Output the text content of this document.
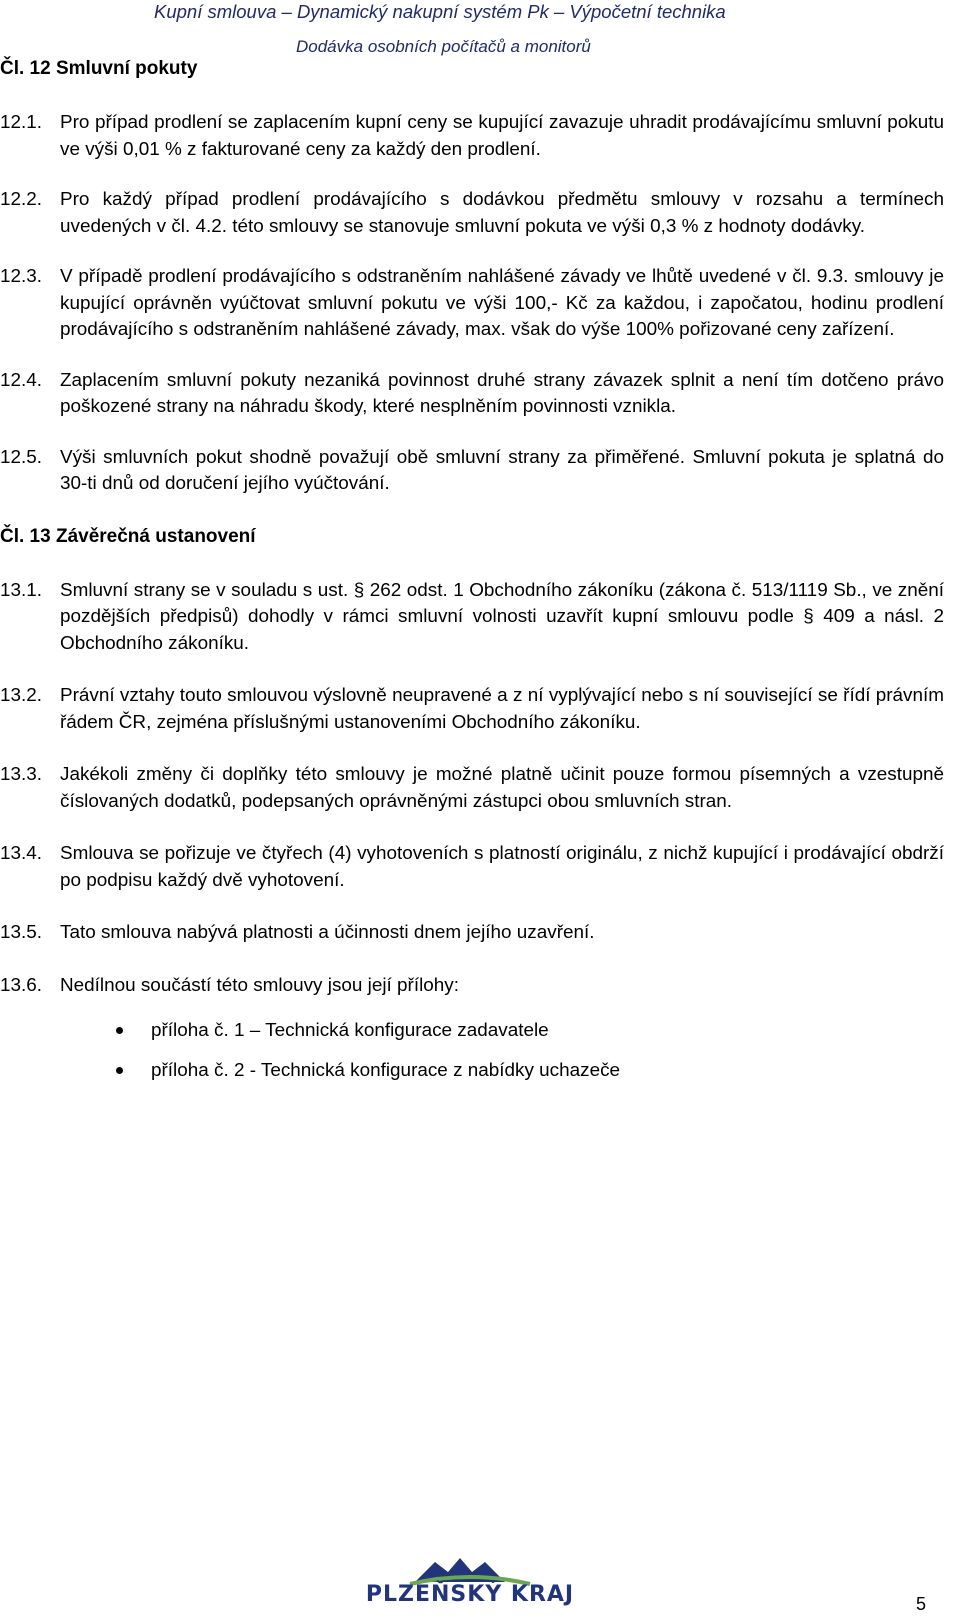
Kupní smlouva – Dynamický nakupní systém Pk – Výpočetní technika
Dodávka osobních počítačů a monitorů
Čl. 12 Smluvní pokuty

12.1. Pro případ prodlení se zaplacením kupní ceny se kupující zavazuje uhradit prodávajícímu smluvní pokutu ve výši 0,01 % z fakturované ceny za každý den prodlení.

12.2. Pro každý případ prodlení prodávajícího s dodávkou předmětu smlouvy v rozsahu a termínech uvedených v čl. 4.2. této smlouvy se stanovuje smluvní pokuta ve výši 0,3 % z hodnoty dodávky.

12.3. V případě prodlení prodávajícího s odstraněním nahlášené závady ve lhůtě uvedené v čl. 9.3. smlouvy je kupující oprávněn vyúčtovat smluvní pokutu ve výši 100,- Kč za každou, i započatou, hodinu prodlení prodávajícího s odstraněním nahlášené závady, max. však do výše 100% pořizované ceny zařízení.

12.4. Zaplacením smluvní pokuty nezaniká povinnost druhé strany závazek splnit a není tím dotčeno právo poškozené strany na náhradu škody, které nesplněním povinnosti vznikla.

12.5. Výši smluvních pokut shodně považují obě smluvní strany za přiměřené. Smluvní pokuta je splatná do 30-ti dnů od doručení jejího vyúčtování.

Čl. 13 Závěrečná ustanovení

13.1. Smluvní strany se v souladu s ust. § 262 odst. 1 Obchodního zákoníku (zákona č. 513/1119 Sb., ve znění pozdějších předpisů) dohodly v rámci smluvní volnosti uzavřít kupní smlouvu podle § 409 a násl. 2 Obchodního zákoníku.

13.2. Právní vztahy touto smlouvou výslovně neupravené a z ní vyplývající nebo s ní související se řídí právním řádem ČR, zejména příslušnými ustanoveními Obchodního zákoníku.

13.3. Jakékoli změny či doplňky této smlouvy je možné platně učinit pouze formou písemných a vzestupně číslovaných dodatků, podepsaných oprávněnými zástupci obou smluvních stran.

13.4. Smlouva se pořizuje ve čtyřech (4) vyhotoveních s platností originálu, z nichž kupující i prodávající obdrží po podpisu každý dvě vyhotovení.

13.5. Tato smlouva nabývá platnosti a účinnosti dnem jejího uzavření.

13.6. Nedílnou součástí této smlouvy jsou její přílohy:

příloha č. 1 – Technická konfigurace zadavatele
příloha č. 2 - Technická konfigurace z nabídky uchazeče
PLZEŇSKÝ KRAJ	5
